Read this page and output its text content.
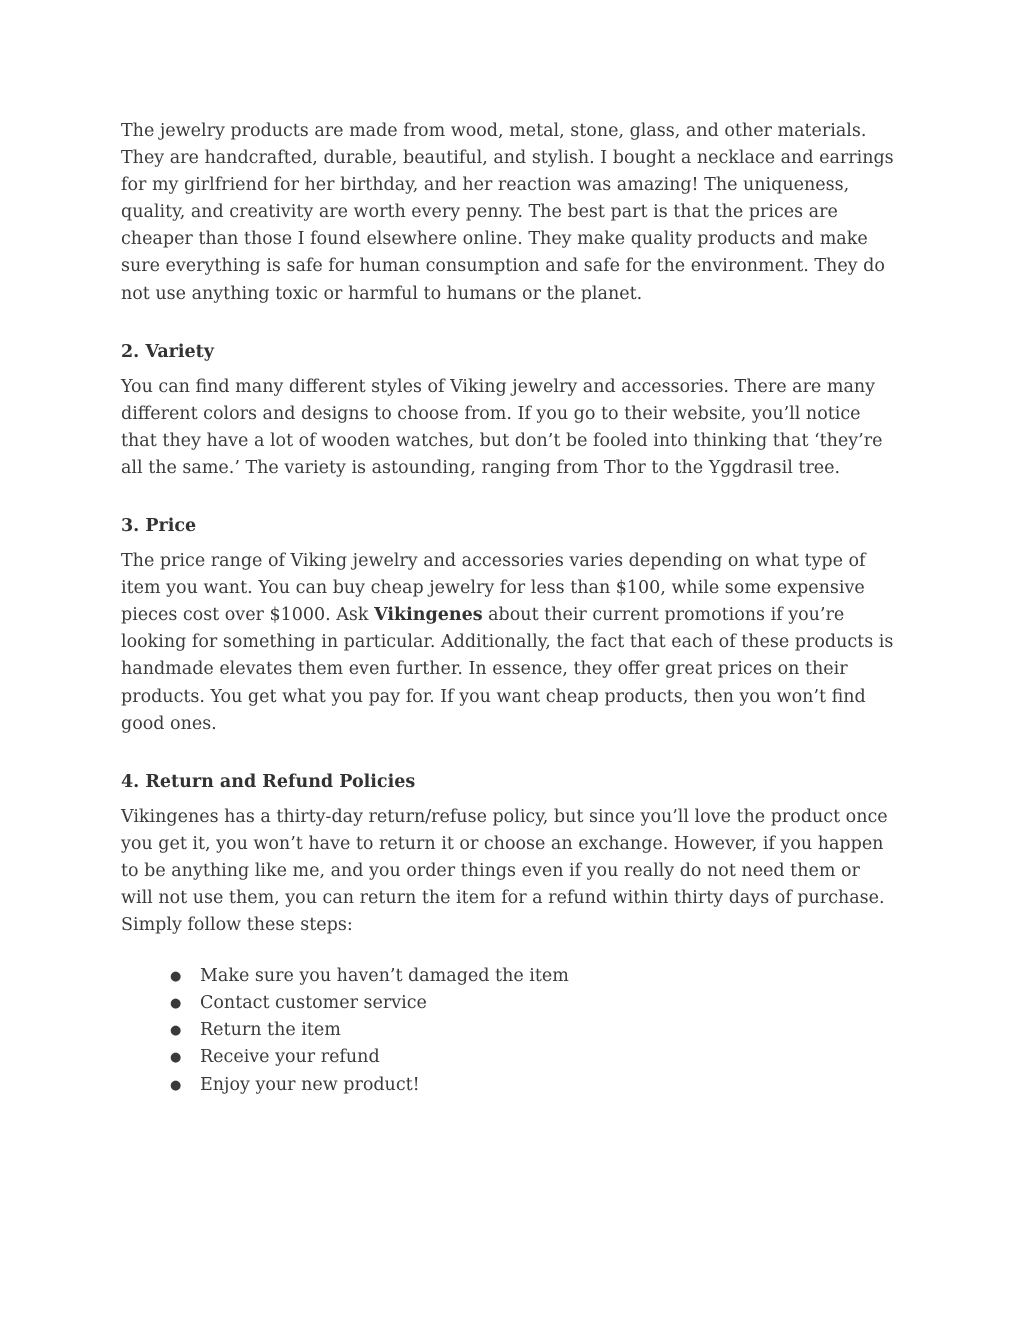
The jewelry products are made from wood, metal, stone, glass, and other materials. They are handcrafted, durable, beautiful, and stylish. I bought a necklace and earrings for my girlfriend for her birthday, and her reaction was amazing! The uniqueness, quality, and creativity are worth every penny. The best part is that the prices are cheaper than those I found elsewhere online. They make quality products and make sure everything is safe for human consumption and safe for the environment. They do not use anything toxic or harmful to humans or the planet.

2. Variety

You can find many different styles of Viking jewelry and accessories. There are many different colors and designs to choose from. If you go to their website, you’ll notice that they have a lot of wooden watches, but don’t be fooled into thinking that ‘they’re all the same.’ The variety is astounding, ranging from Thor to the Yggdrasil tree.

3. Price

The price range of Viking jewelry and accessories varies depending on what type of item you want. You can buy cheap jewelry for less than $100, while some expensive pieces cost over $1000. Ask Vikingenes about their current promotions if you’re looking for something in particular. Additionally, the fact that each of these products is handmade elevates them even further. In essence, they offer great prices on their products. You get what you pay for. If you want cheap products, then you won’t find good ones.

4. Return and Refund Policies

Vikingenes has a thirty-day return/refuse policy, but since you’ll love the product once you get it, you won’t have to return it or choose an exchange. However, if you happen to be anything like me, and you order things even if you really do not need them or will not use them, you can return the item for a refund within thirty days of purchase. Simply follow these steps:

● Make sure you haven’t damaged the item
● Contact customer service
● Return the item
● Receive your refund
● Enjoy your new product!
